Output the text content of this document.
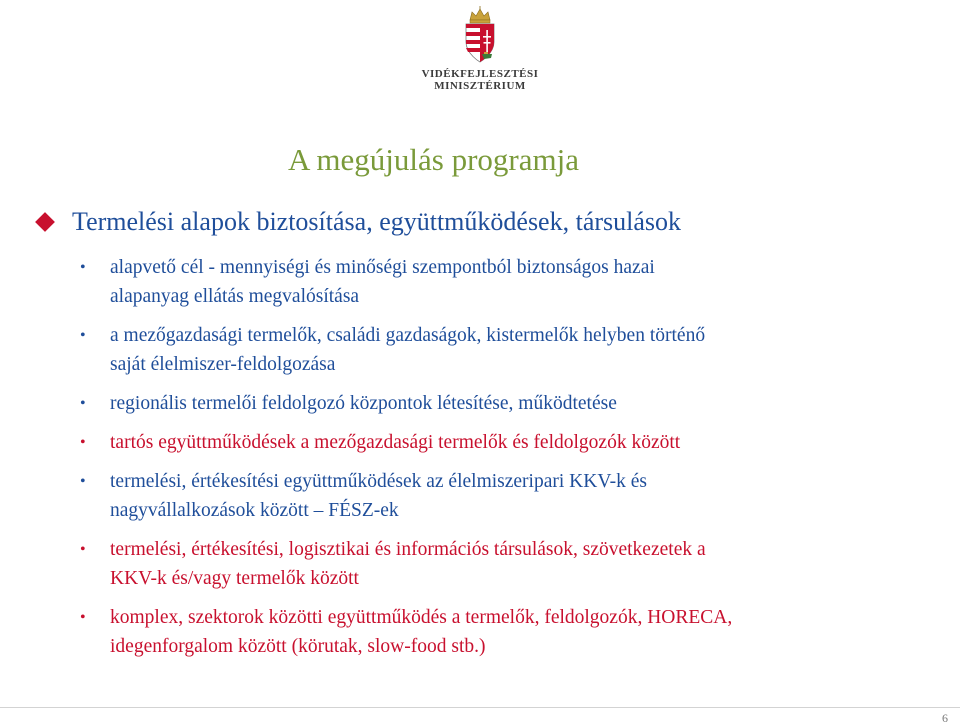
VIDÉKFEJLESZTÉSI
MINISZTÉRIUM
A megújulás programja
Termelési alapok biztosítása, együttműködések, társulások
• alapvető cél - mennyiségi és minőségi szempontból biztonságos hazai
alapanyag ellátás megvalósítása
• a mezőgazdasági termelők, családi gazdaságok, kistermelők helyben történő
saját élelmiszer-feldolgozása
• regionális termelői feldolgozó központok létesítése, működtetése
• tartós együttműködések a mezőgazdasági termelők és feldolgozók között
• termelési, értékesítési együttműködések az élelmiszeripari KKV-k és
nagyvállalkozások között – FÉSZ-ek
• termelési, értékesítési, logisztikai és információs társulások, szövetkezetek a
KKV-k és/vagy termelők között
• komplex, szektorok közötti együttműködés a termelők, feldolgozók, HORECA,
idegenforgalom között (körutak, slow-food stb.)
6
